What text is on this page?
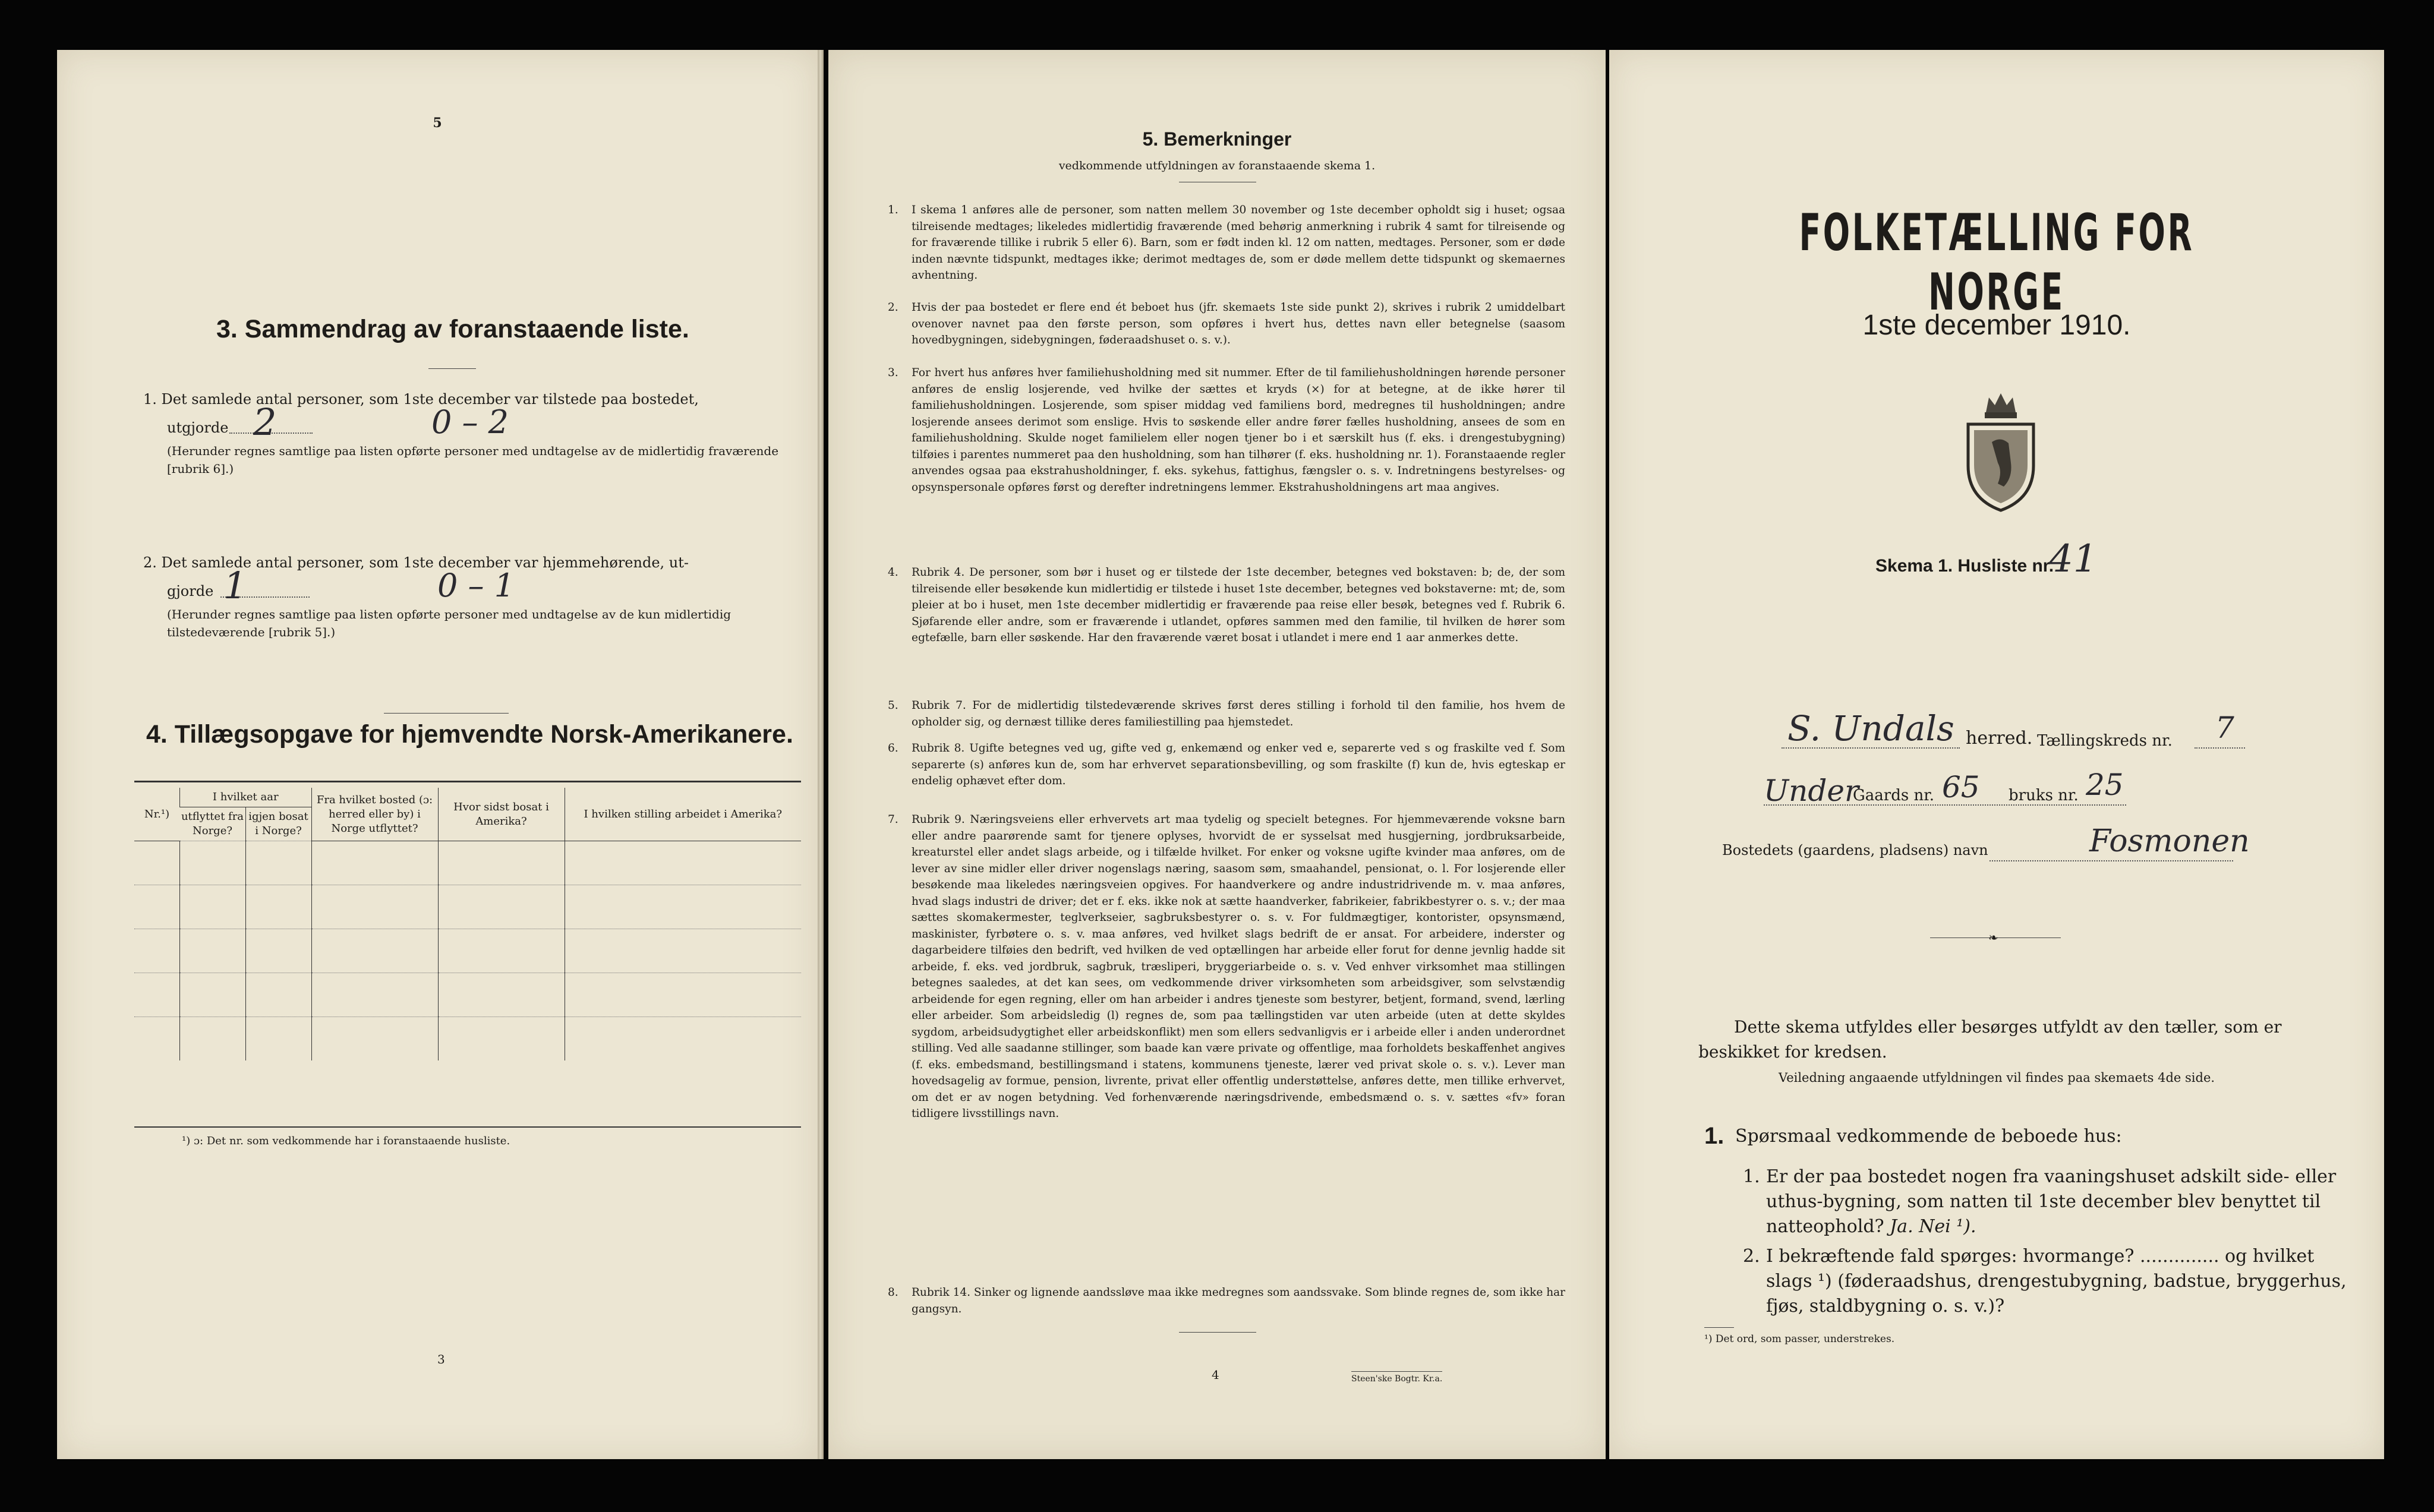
5
3. Sammendrag av foranstaaende liste.
1. Det samlede antal personer, som 1ste december var tilstede paa bostedet,
utgjorde 2	0 – 2
(Herunder regnes samtlige paa listen opførte personer med undtagelse av de midlertidig fraværende [rubrik 6].)
2. Det samlede antal personer, som 1ste december var hjemmehørende, ut-
gjorde 1	0 – 1
(Herunder regnes samtlige paa listen opførte personer med undtagelse av de kun midlertidig tilstedeværende [rubrik 5].)
4. Tillægsopgave for hjemvendte Norsk-Amerikanere.
Nr.¹)	I hvilket aar		Fra hvilket bosted (ɔ: herred eller by) i Norge utflyttet?	Hvor sidst bosat i Amerika?	I hvilken stilling arbeidet i Amerika?
	utflyttet fra Norge?	igjen bosat i Norge?			

¹) ɔ: Det nr. som vedkommende har i foranstaaende husliste.
3
5. Bemerkninger
vedkommende utfyldningen av foranstaaende skema 1.
1. I skema 1 anføres alle de personer, som natten mellem 30 november og 1ste december opholdt sig i huset; ogsaa tilreisende medtages; likeledes midlertidig fraværende (med behørig anmerkning i rubrik 4 samt for tilreisende og for fraværende tillike i rubrik 5 eller 6). Barn, som er født inden kl. 12 om natten, medtages. Personer, som er døde inden nævnte tidspunkt, medtages ikke; derimot medtages de, som er døde mellem dette tidspunkt og skemaernes avhentning.
2. Hvis der paa bostedet er flere end ét beboet hus (jfr. skemaets 1ste side punkt 2), skrives i rubrik 2 umiddelbart ovenover navnet paa den første person, som opføres i hvert hus, dettes navn eller betegnelse (saasom hovedbygningen, sidebygningen, føderaadshuset o. s. v.).
3. For hvert hus anføres hver familiehusholdning med sit nummer. Efter de til familiehusholdningen hørende personer anføres de enslig losjerende, ved hvilke der sættes et kryds (×) for at betegne, at de ikke hører til familiehusholdningen. Losjerende, som spiser middag ved familiens bord, medregnes til husholdningen; andre losjerende ansees derimot som enslige. Hvis to søskende eller andre fører fælles husholdning, ansees de som en familiehusholdning. Skulde noget familielem eller nogen tjener bo i et særskilt hus (f. eks. i drengestubygning) tilføies i parentes nummeret paa den husholdning, som han tilhører (f. eks. husholdning nr. 1). Foranstaaende regler anvendes ogsaa paa ekstrahusholdninger, f. eks. sykehus, fattighus, fængsler o. s. v. Indretningens bestyrelses- og opsynspersonale opføres først og derefter indretningens lemmer. Ekstrahusholdningens art maa angives.
4. Rubrik 4. De personer, som bør i huset og er tilstede der 1ste december, betegnes ved bokstaven: b; de, der som tilreisende eller besøkende kun midlertidig er tilstede i huset 1ste december, betegnes ved bokstaverne: mt; de, som pleier at bo i huset, men 1ste december midlertidig er fraværende paa reise eller besøk, betegnes ved f. Rubrik 6. Sjøfarende eller andre, som er fraværende i utlandet, opføres sammen med den familie, til hvilken de hører som egtefælle, barn eller søskende. Har den fraværende været bosat i utlandet i mere end 1 aar anmerkes dette.
5. Rubrik 7. For de midlertidig tilstedeværende skrives først deres stilling i forhold til den familie, hos hvem de opholder sig, og dernæst tillike deres familiestilling paa hjemstedet.
6. Rubrik 8. Ugifte betegnes ved ug, gifte ved g, enkemænd og enker ved e, separerte ved s og fraskilte ved f. Som separerte (s) anføres kun de, som har erhvervet separationsbevilling, og som fraskilte (f) kun de, hvis egteskap er endelig ophævet efter dom.
7. Rubrik 9. Næringsveiens eller erhvervets art maa tydelig og specielt betegnes. For hjemmeværende voksne barn eller andre paarørende samt for tjenere oplyses, hvorvidt de er sysselsat med husgjerning, jordbruksarbeide, kreaturstel eller andet slags arbeide, og i tilfælde hvilket. For enker og voksne ugifte kvinder maa anføres, om de lever av sine midler eller driver nogenslags næring, saasom søm, smaahandel, pensionat, o. l. For losjerende eller besøkende maa likeledes næringsveien opgives. For haandverkere og andre industridrivende m. v. maa anføres, hvad slags industri de driver; det er f. eks. ikke nok at sætte haandverker, fabrikeier, fabrikbestyrer o. s. v.; der maa sættes skomakermester, teglverkseier, sagbruksbestyrer o. s. v. For fuldmægtiger, kontorister, opsynsmænd, maskinister, fyrbøtere o. s. v. maa anføres, ved hvilket slags bedrift de er ansat. For arbeidere, inderster og dagarbeidere tilføies den bedrift, ved hvilken de ved optællingen har arbeide eller forut for denne jevnlig hadde sit arbeide, f. eks. ved jordbruk, sagbruk, træsliperi, bryggeriarbeide o. s. v. Ved enhver virksomhet maa stillingen betegnes saaledes, at det kan sees, om vedkommende driver virksomheten som arbeidsgiver, som selvstændig arbeidende for egen regning, eller om han arbeider i andres tjeneste som bestyrer, betjent, formand, svend, lærling eller arbeider. Som arbeidsledig (l) regnes de, som paa tællingstiden var uten arbeide (uten at dette skyldes sygdom, arbeidsudygtighet eller arbeidskonflikt) men som ellers sedvanligvis er i arbeide eller i anden underordnet stilling. Ved alle saadanne stillinger, som baade kan være private og offentlige, maa forholdets beskaffenhet angives (f. eks. embedsmand, bestillingsmand i statens, kommunens tjeneste, lærer ved privat skole o. s. v.). Lever man hovedsagelig av formue, pension, livrente, privat eller offentlig understøttelse, anføres dette, men tillike erhvervet, om det er av nogen betydning. Ved forhenværende næringsdrivende, embedsmænd o. s. v. sættes «fv» foran tidligere livsstillings navn.
8. Rubrik 14. Sinker og lignende aandssløve maa ikke medregnes som aandssvake. Som blinde regnes de, som ikke har gangsyn.
4	Steen'ske Bogtr. Kr.a.
FOLKETÆLLING FOR NORGE
1ste december 1910.
Skema 1. Husliste nr.
41
S. Undals herred. Tællingskreds nr. 7
Under
Gaards nr. 65 bruks nr. 25
Bostedets (gaardens, pladsens) navn	Fosmonen
❧
Dette skema utfyldes eller besørges utfyldt av den tæller, som er beskikket for kredsen.
Veiledning angaaende utfyldningen vil findes paa skemaets 4de side.
1. Spørsmaal vedkommende de beboede hus:
1. Er der paa bostedet nogen fra vaaningshuset adskilt side- eller uthus-bygning, som natten til 1ste december blev benyttet til natteophold? Ja. Nei ¹).
2. I bekræftende fald spørges: hvormange? .............. og hvilket slags ¹) (føderaadshus, drengestubygning, badstue, bryggerhus, fjøs, staldbygning o. s. v.)?
¹) Det ord, som passer, understrekes.
